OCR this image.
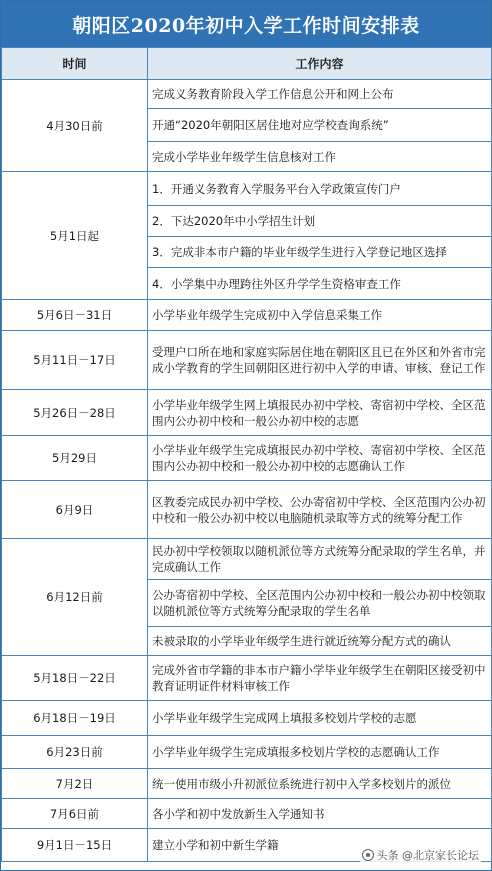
朝阳区2020年初中入学工作时间安排表
时间	工作内容
4月30日前	完成义务教育阶段入学工作信息公开和网上公布
开通“2020年朝阳区居住地对应学校查询系统”
完成小学毕业年级学生信息核对工作

5月1日起	1．开通义务教育入学服务平台入学政策宣传门户
2．下达2020年中小学招生计划
3．完成非本市户籍的毕业年级学生进行入学登记地区选择
4．小学集中办理跨往外区升学学生资格审查工作

5月6日－31日	小学毕业年级学生完成初中入学信息采集工作

5月11日－17日	受理户口所在地和家庭实际居住地在朝阳区且已在外区和外省市完成小学教育的学生回朝阳区进行初中入学的申请、审核、登记工作

5月26日－28日	小学毕业年级学生网上填报民办初中学校、寄宿初中学校、全区范围内公办初中校和一般公办初中校的志愿

5月29日	小学毕业年级学生完成填报民办初中学校、寄宿初中学校、全区范围内公办初中校和一般公办初中校的志愿确认工作

6月9日	区教委完成民办初中学校、公办寄宿初中学校、全区范围内公办初中校和一般公办初中校以电脑随机录取等方式的统筹分配工作

6月12日前	民办初中学校领取以随机派位等方式统筹分配录取的学生名单，并完成确认工作
公办寄宿初中学校、全区范围内公办初中校和一般公办初中校领取以随机派位等方式统筹分配录取的学生名单
未被录取的小学毕业年级学生进行就近统筹分配方式的确认

5月18日－22日	完成外省市学籍的非本市户籍小学毕业年级学生在朝阳区接受初中教育证明证件材料审核工作

6月18日－19日	小学毕业年级学生完成网上填报多校划片学校的志愿

6月23日前	小学毕业年级学生完成填报多校划片学校的志愿确认工作

7月2日	统一使用市级小升初派位系统进行初中入学多校划片的派位

7月6日前	各小学和初中发放新生入学通知书

9月1日－15日	建立小学和初中新生学籍
头条 @北京家长论坛
